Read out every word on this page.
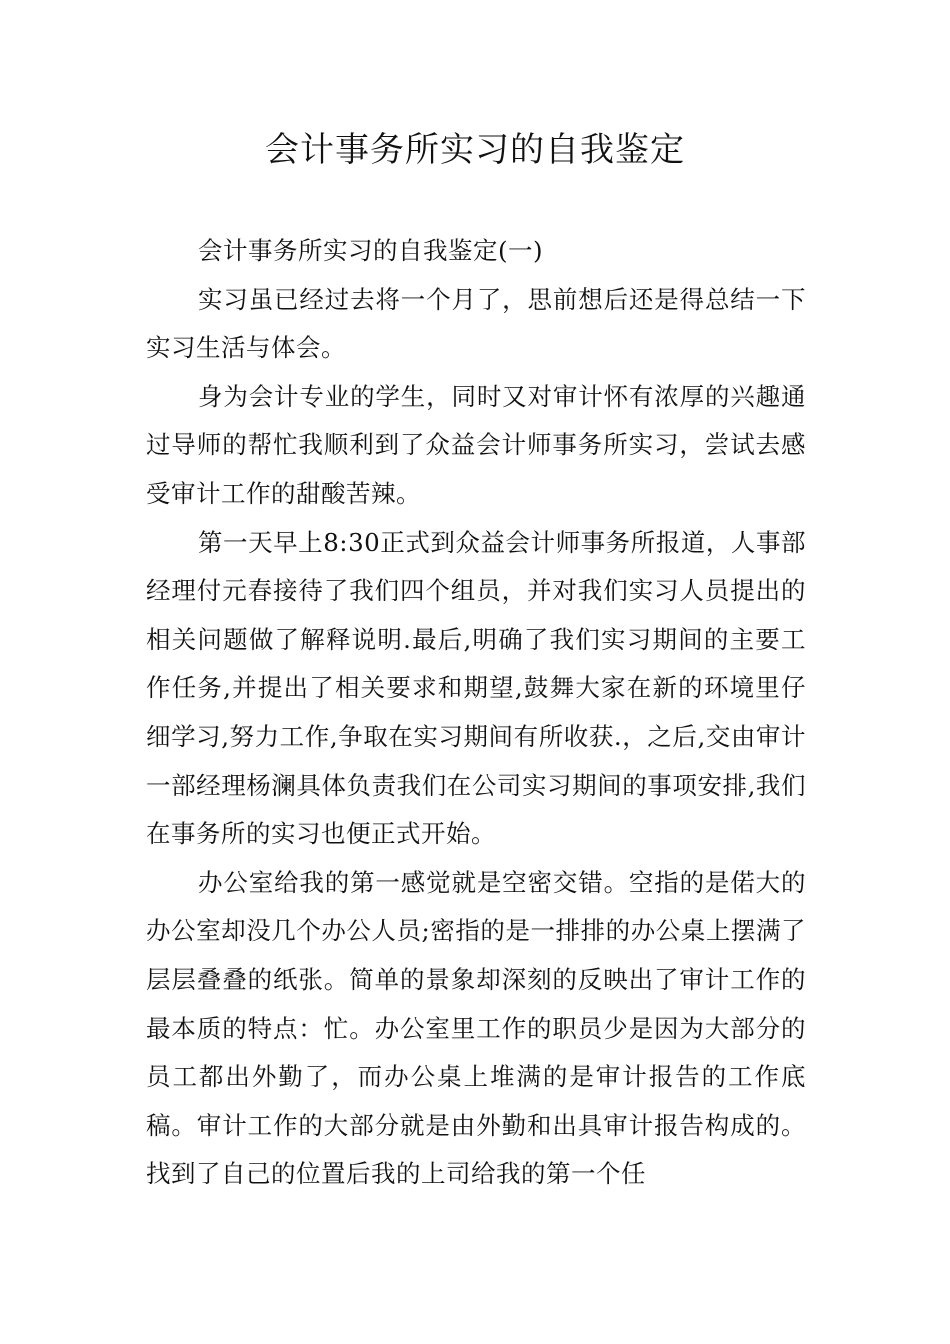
会计事务所实习的自我鉴定

会计事务所实习的自我鉴定(一)

实习虽已经过去将一个月了，思前想后还是得总结一下实习生活与体会。

身为会计专业的学生，同时又对审计怀有浓厚的兴趣通过导师的帮忙我顺利到了众益会计师事务所实习，尝试去感受审计工作的甜酸苦辣。

第一天早上8:30正式到众益会计师事务所报道，人事部经理付元春接待了我们四个组员，并对我们实习人员提出的相关问题做了解释说明.最后,明确了我们实习期间的主要工作任务,并提出了相关要求和期望,鼓舞大家在新的环境里仔细学习,努力工作,争取在实习期间有所收获.，之后,交由审计一部经理杨澜具体负责我们在公司实习期间的事项安排,我们在事务所的实习也便正式开始。

办公室给我的第一感觉就是空密交错。空指的是偌大的办公室却没几个办公人员;密指的是一排排的办公桌上摆满了层层叠叠的纸张。简单的景象却深刻的反映出了审计工作的最本质的特点：忙。办公室里工作的职员少是因为大部分的员工都出外勤了，而办公桌上堆满的是审计报告的工作底稿。审计工作的大部分就是由外勤和出具审计报告构成的。找到了自己的位置后我的上司给我的第一个任
